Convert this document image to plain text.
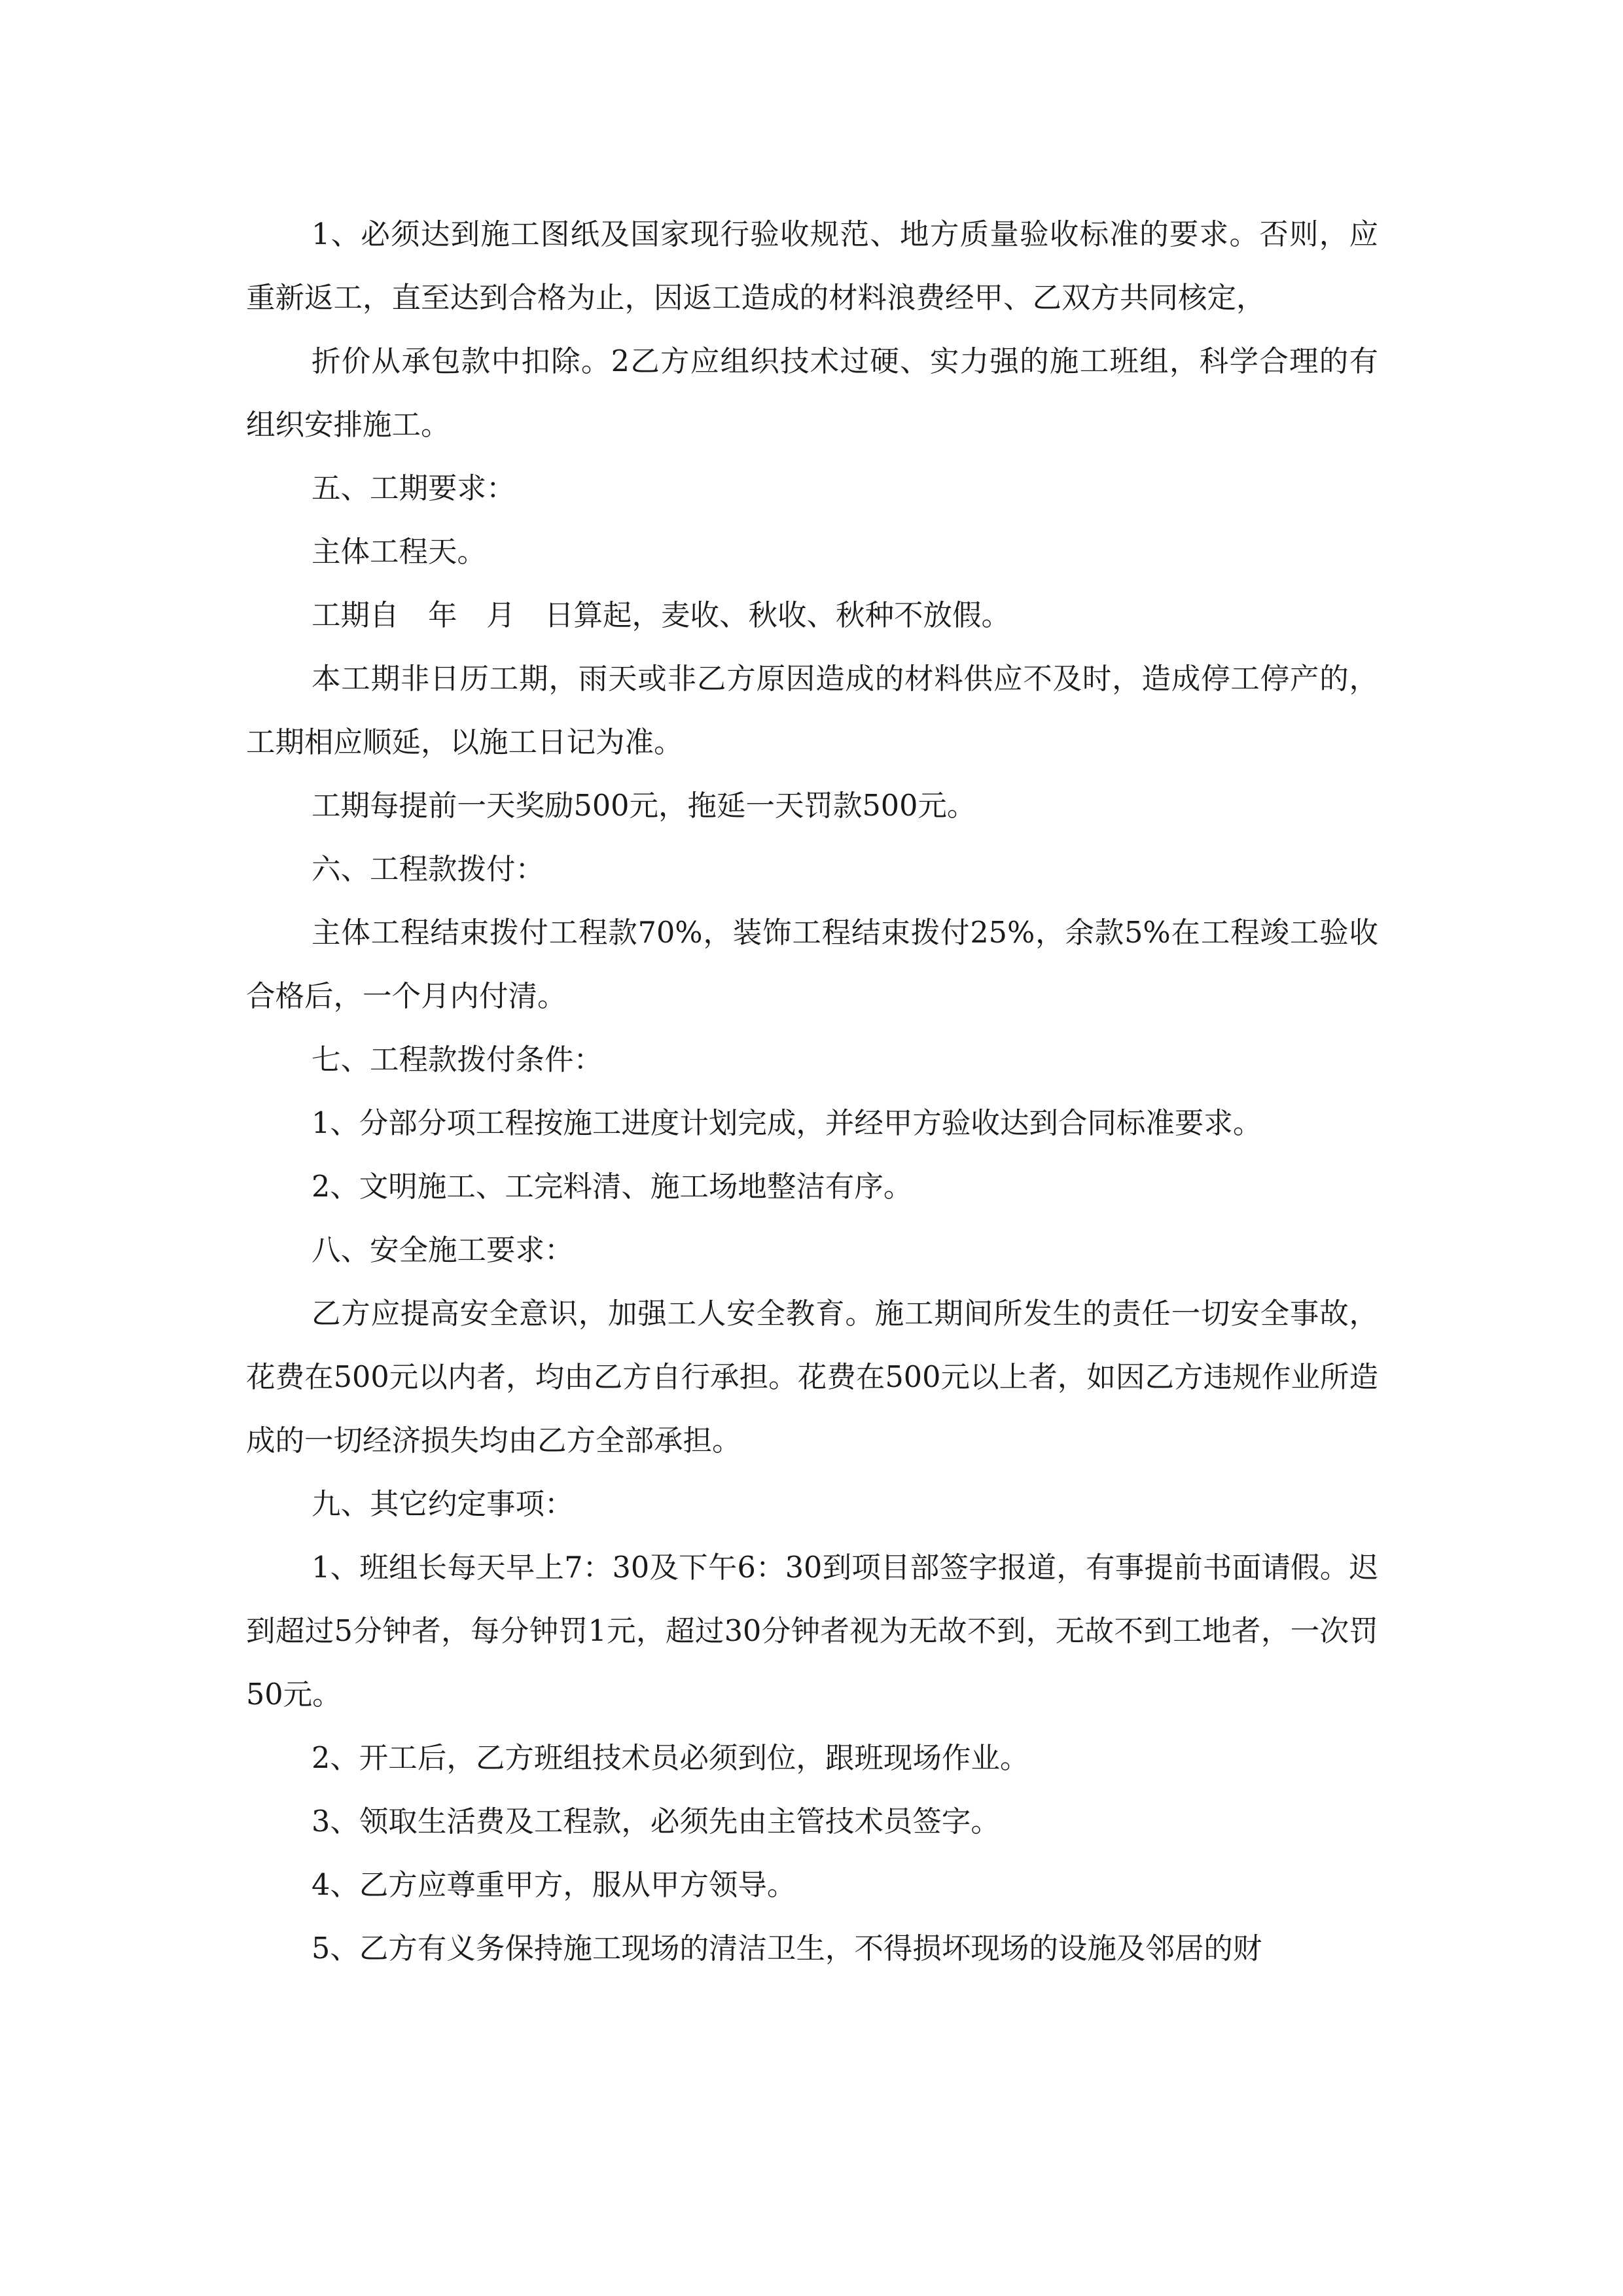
1、必须达到施工图纸及国家现行验收规范、地方质量验收标准的要求。否则，应重新返工，直至达到合格为止，因返工造成的材料浪费经甲、乙双方共同核定，

折价从承包款中扣除。2乙方应组织技术过硬、实力强的施工班组，科学合理的有组织安排施工。

五、工期要求：

主体工程天。

工期自　年　月　日算起，麦收、秋收、秋种不放假。

本工期非日历工期，雨天或非乙方原因造成的材料供应不及时，造成停工停产的，工期相应顺延，以施工日记为准。

工期每提前一天奖励500元，拖延一天罚款500元。

六、工程款拨付：

主体工程结束拨付工程款70%，装饰工程结束拨付25%，余款5%在工程竣工验收合格后，一个月内付清。

七、工程款拨付条件：

1、分部分项工程按施工进度计划完成，并经甲方验收达到合同标准要求。

2、文明施工、工完料清、施工场地整洁有序。

八、安全施工要求：

乙方应提高安全意识，加强工人安全教育。施工期间所发生的责任一切安全事故，花费在500元以内者，均由乙方自行承担。花费在500元以上者，如因乙方违规作业所造成的一切经济损失均由乙方全部承担。

九、其它约定事项：

1、班组长每天早上7：30及下午6：30到项目部签字报道，有事提前书面请假。迟到超过5分钟者，每分钟罚1元，超过30分钟者视为无故不到，无故不到工地者，一次罚50元。

2、开工后，乙方班组技术员必须到位，跟班现场作业。

3、领取生活费及工程款，必须先由主管技术员签字。

4、乙方应尊重甲方，服从甲方领导。

5、乙方有义务保持施工现场的清洁卫生，不得损坏现场的设施及邻居的财
